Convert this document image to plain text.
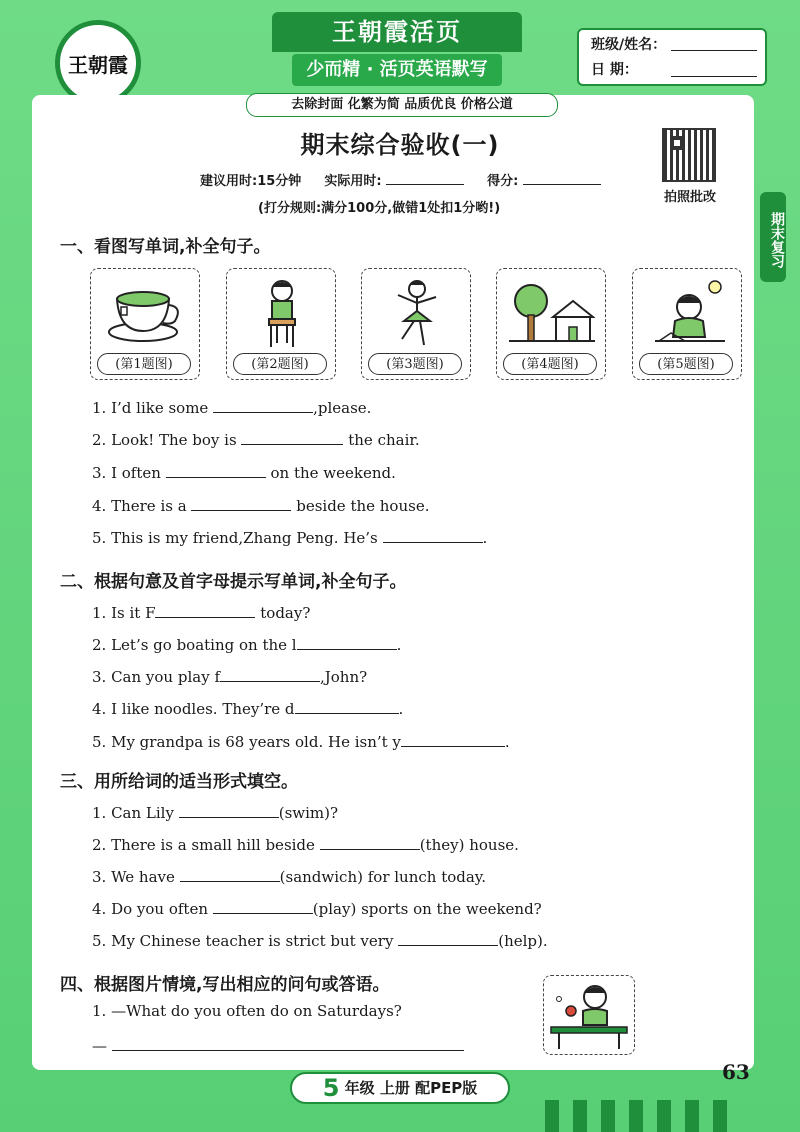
王朝霞
王朝霞活页
少而精 · 活页英语默写
班级/姓名：
日 期：
去除封面 化繁为简 品质优良 价格公道
期末综合验收(一)
建议用时:15分钟 实际用时:	得分:
(打分规则:满分100分,做错1处扣1分哟!)
拍照批改
期末复习
一、看图写单词,补全句子。
(第1题图)	(第2题图)	(第3题图)	(第4题图)	(第5题图)
1. I’d like some	,please.
2. Look! The boy is	the chair.
3. I often	on the weekend.
4. There is a	beside the house.
5. This is my friend,Zhang Peng. He’s	.
二、根据句意及首字母提示写单词,补全句子。
1. Is it F	today?
2. Let’s go boating on the l	.
3. Can you play f	,John?
4. I like noodles. They’re d	.
5. My grandpa is 68 years old. He isn’t y	.
三、用所给词的适当形式填空。
1. Can Lily	(swim)?
2. There is a small hill beside	(they) house.
3. We have	(sandwich) for lunch today.
4. Do you often	(play) sports on the weekend?
5. My Chinese teacher is strict but very	(help).
四、根据图片情境,写出相应的问句或答语。
1. —What do you often do on Saturdays?
—
5 年级 上册 配PEP版
63
